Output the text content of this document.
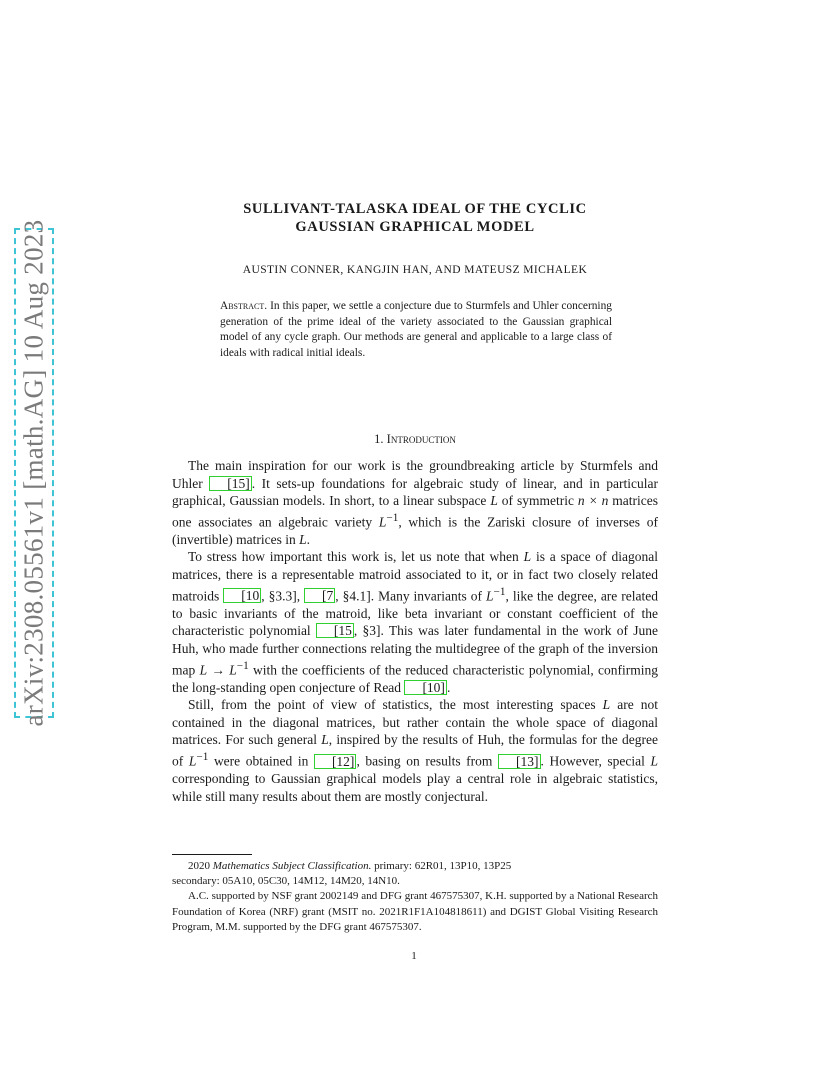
arXiv:2308.05561v1 [math.AG] 10 Aug 2023
SULLIVANT-TALASKA IDEAL OF THE CYCLIC
GAUSSIAN GRAPHICAL MODEL
AUSTIN CONNER, KANGJIN HAN, AND MATEUSZ MICHALEK
Abstract. In this paper, we settle a conjecture due to Sturmfels and Uhler concerning generation of the prime ideal of the variety associated to the Gaussian graphical model of any cycle graph. Our methods are general and applicable to a large class of ideals with radical initial ideals.
1. Introduction

The main inspiration for our work is the groundbreaking article by Sturmfels and Uhler [15] . It sets-up foundations for algebraic study of linear, and in particular graphical, Gaussian models. In short, to a linear subspace L of symmetric n × n matrices one associates an algebraic variety $L^{-1}$, which is the Zariski closure of inverses of (invertible) matrices in L.

To stress how important this work is, let us note that when L is a space of diagonal matrices, there is a representable matroid associated to it, or in fact two closely related matroids [10 , §3.3], [7 , §4.1]. Many invariants of $L^{-1}$, like the degree, are related to basic invariants of the matroid, like beta invariant or constant coefficient of the characteristic polynomial [15 , §3]. This was later fundamental in the work of June Huh, who made further connections relating the multidegree of the graph of the inversion map $L \to L^{-1}$ with the coefficients of the reduced characteristic polynomial, confirming the long-standing open conjecture of Read [10] .

Still, from the point of view of statistics, the most interesting spaces L are not contained in the diagonal matrices, but rather contain the whole space of diagonal matrices. For such general L, inspired by the results of Huh, the formulas for the degree of $L^{-1}$ were obtained in [12] , basing on results from [13] . However, special L corresponding to Gaussian graphical models play a central role in algebraic statistics, while still many results about them are mostly conjectural.

2020 Mathematics Subject Classification. primary: 62R01, 13P10, 13P25

secondary: 05A10, 05C30, 14M12, 14M20, 14N10.

A.C. supported by NSF grant 2002149 and DFG grant 467575307, K.H. supported by a National Research Foundation of Korea (NRF) grant (MSIT no. 2021R1F1A104818611) and DGIST Global Visiting Research Program, M.M. supported by the DFG grant 467575307.

1
